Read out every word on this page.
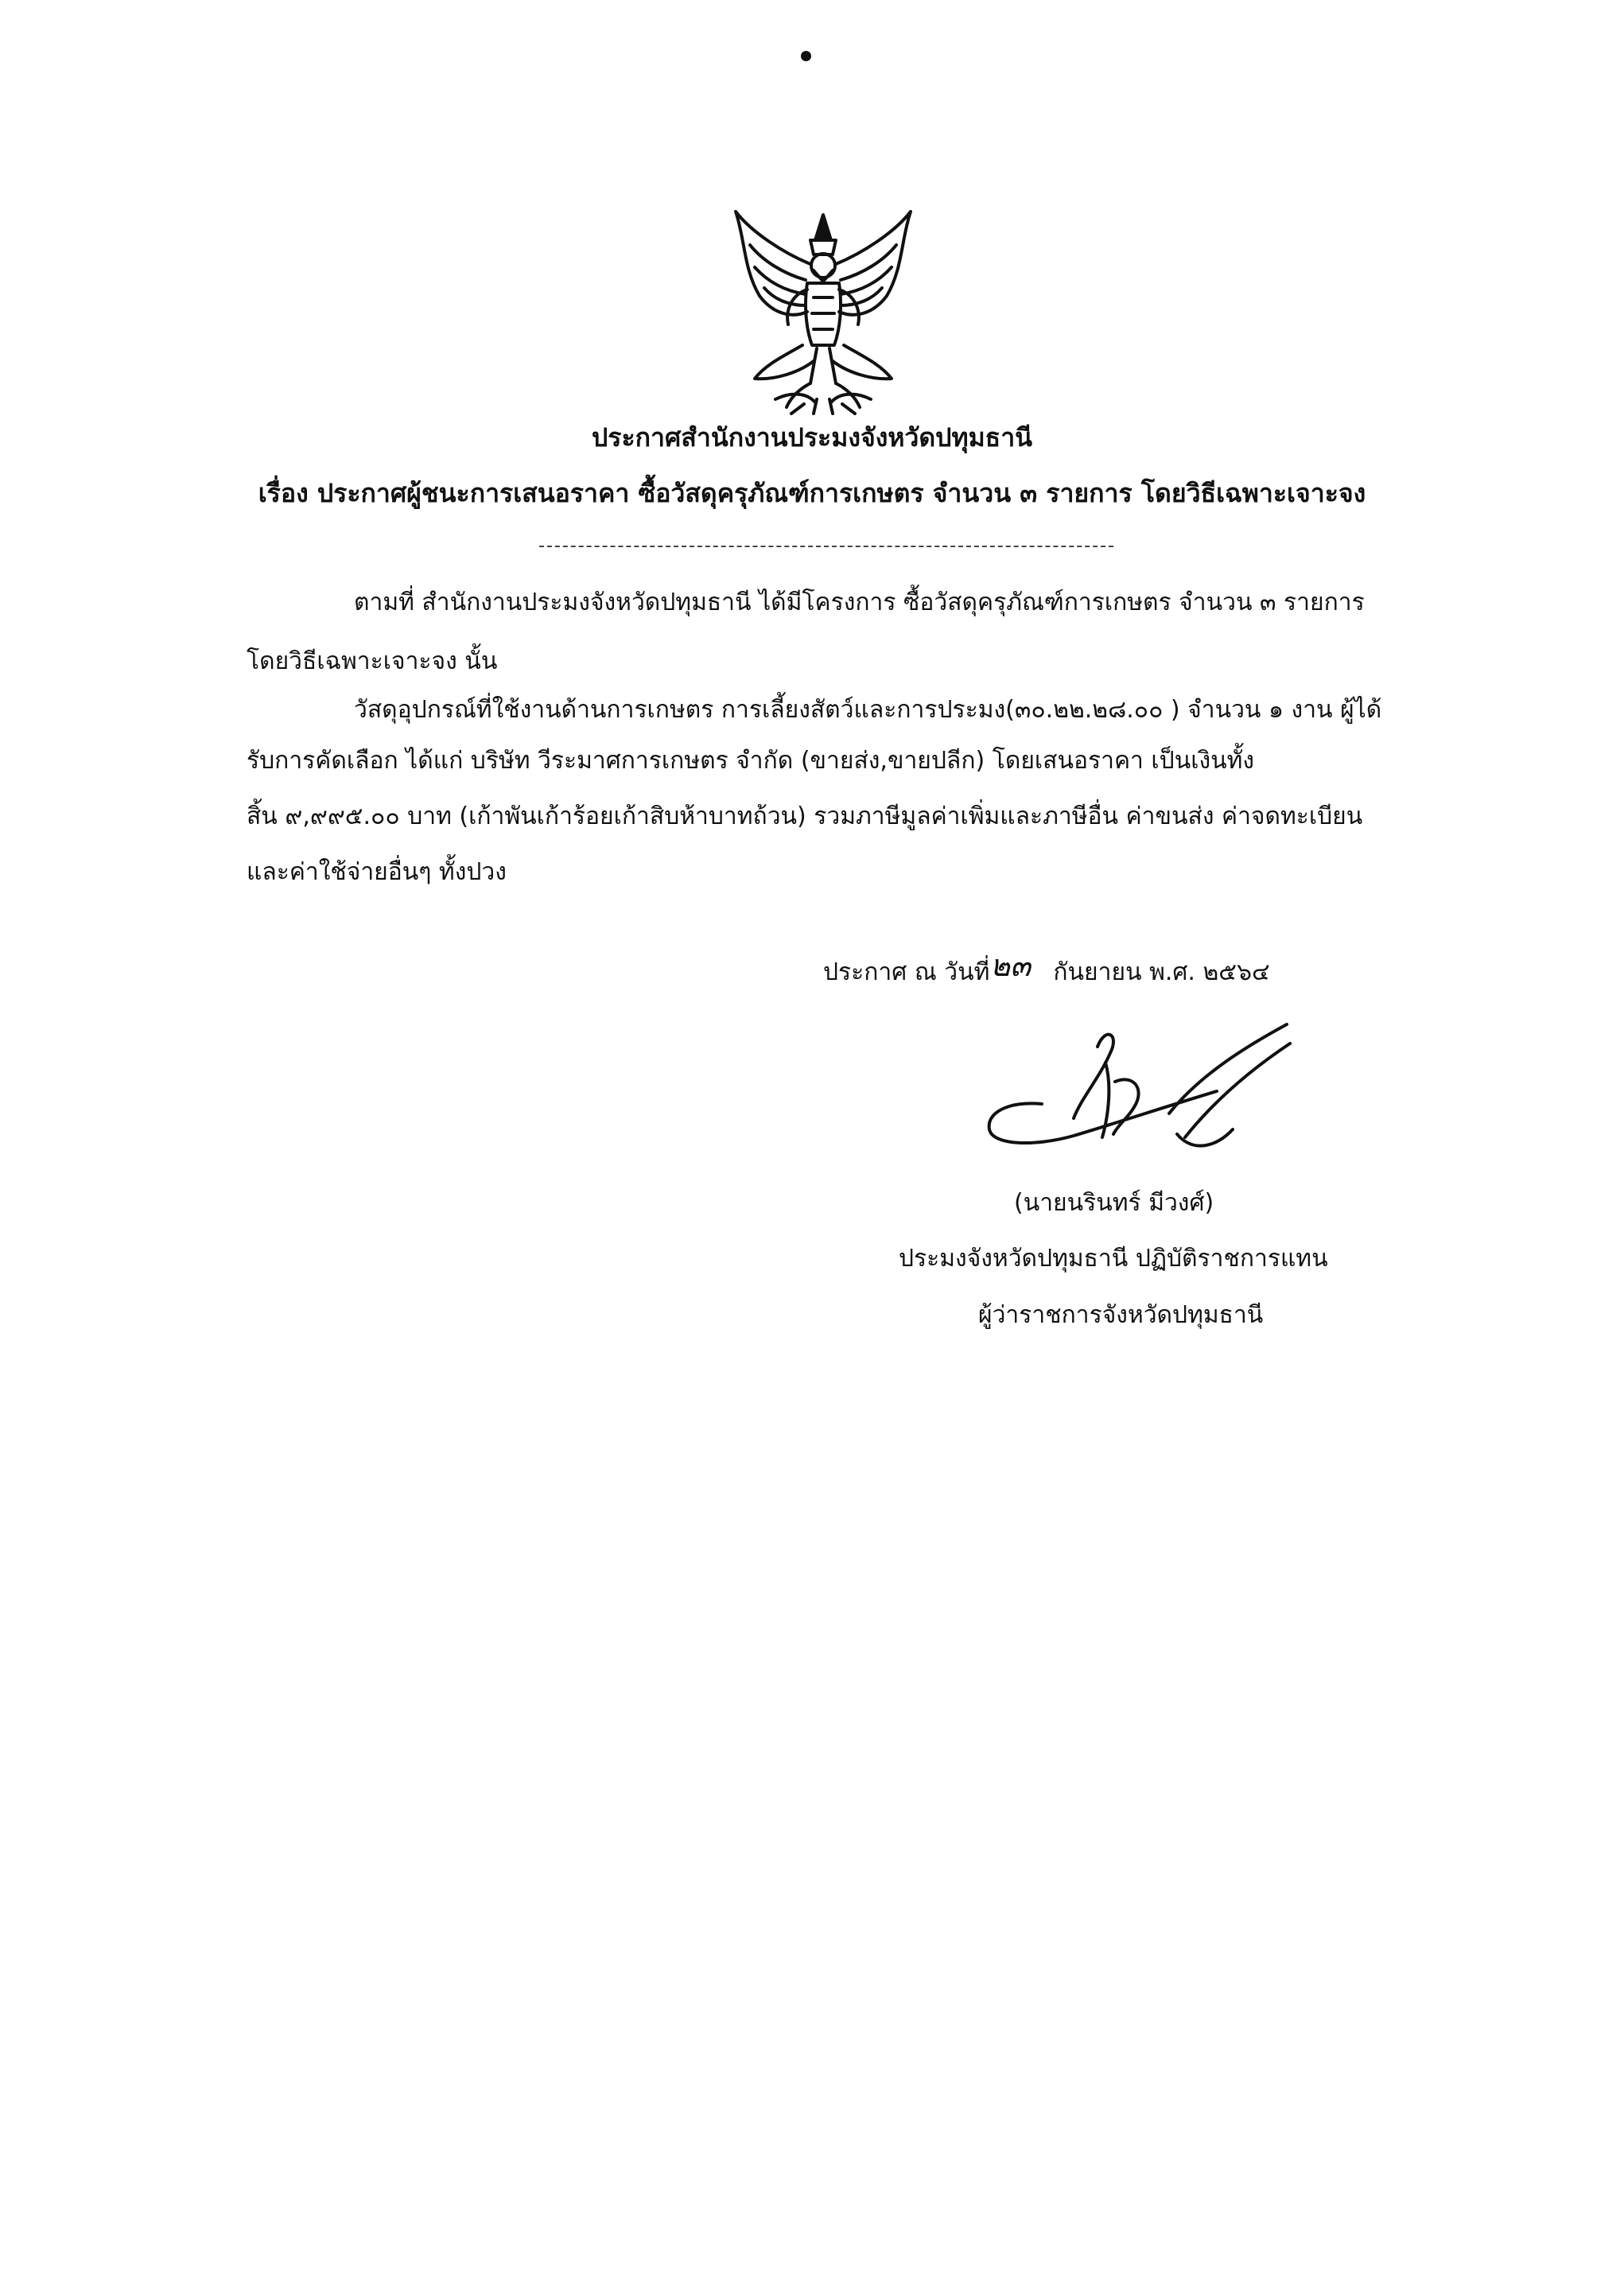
ประกาศสำนักงานประมงจังหวัดปทุมธานี
เรื่อง ประกาศผู้ชนะการเสนอราคา ซื้อวัสดุครุภัณฑ์การเกษตร จำนวน ๓ รายการ โดยวิธีเฉพาะเจาะจง
ตามที่ สำนักงานประมงจังหวัดปทุมธานี ได้มีโครงการ ซื้อวัสดุครุภัณฑ์การเกษตร จำนวน ๓ รายการ
โดยวิธีเฉพาะเจาะจง นั้น
วัสดุอุปกรณ์ที่ใช้งานด้านการเกษตร การเลี้ยงสัตว์และการประมง(๓๐.๒๒.๒๘.๐๐ ) จำนวน ๑ งาน ผู้ได้
รับการคัดเลือก ได้แก่ บริษัท วีระมาศการเกษตร จำกัด (ขายส่ง,ขายปลีก) โดยเสนอราคา เป็นเงินทั้ง
สิ้น ๙,๙๙๕.๐๐ บาท (เก้าพันเก้าร้อยเก้าสิบห้าบาทถ้วน) รวมภาษีมูลค่าเพิ่มและภาษีอื่น ค่าขนส่ง ค่าจดทะเบียน
และค่าใช้จ่ายอื่นๆ ทั้งปวง
ประกาศ ณ วันที่	กันยายน พ.ศ. ๒๕๖๔
๒๓
(นายนรินทร์ มีวงศ์)
ประมงจังหวัดปทุมธานี ปฏิบัติราชการแทน
ผู้ว่าราชการจังหวัดปทุมธานี
